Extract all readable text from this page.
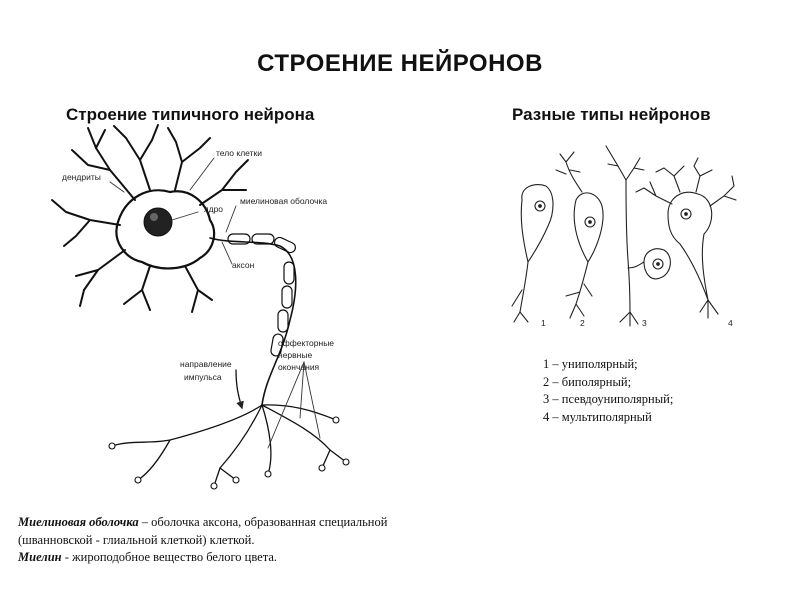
СТРОЕНИЕ НЕЙРОНОВ
Строение типичного нейрона	Разные типы нейронов
тело клетки
дендриты
ядро
миелиновая оболочка
аксон
направление
импульса
оффекторные
нервные
окончания
1	2	3	4
1 – униполярный;
2 – биполярный;
3 – псевдоуниполярный;
4 – мультиполярный

Миелиновая оболочка – оболочка аксона, образованная специальной (шванновской - глиальной клеткой) клеткой.

Миелин - жироподобное вещество белого цвета.
